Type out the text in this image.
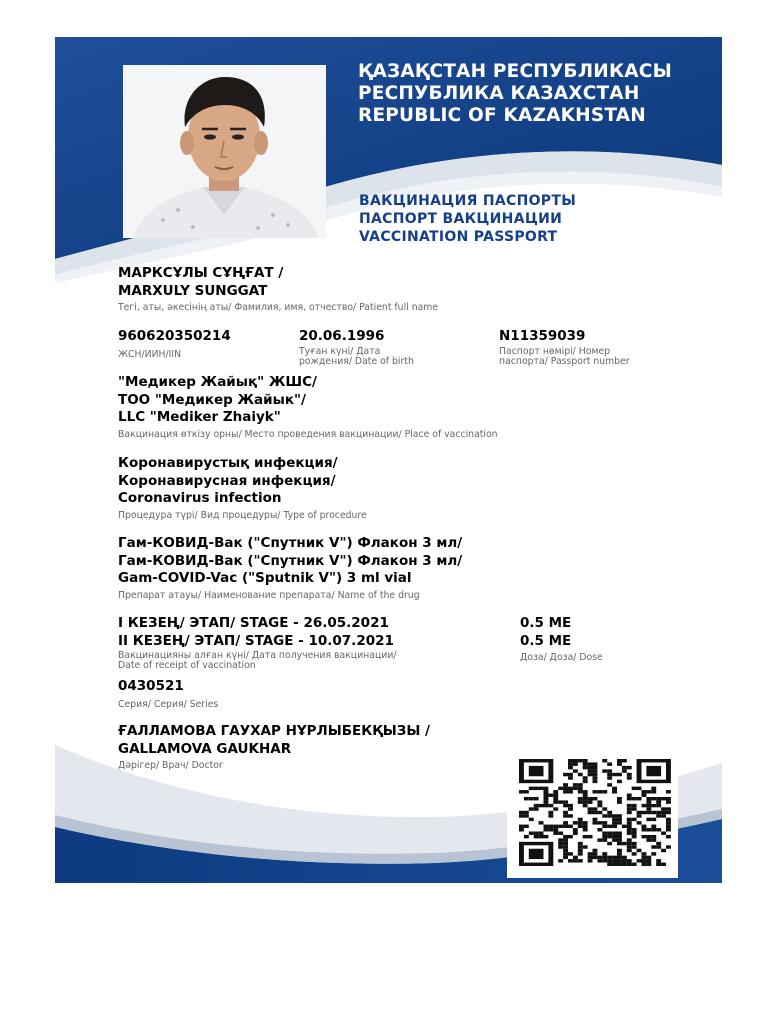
ҚАЗАҚСТАН РЕСПУБЛИКАСЫ
РЕСПУБЛИКА КАЗАХСТАН
REPUBLIC OF KAZAKHSTAN
ВАКЦИНАЦИЯ ПАСПОРТЫ
ПАСПОРТ ВАКЦИНАЦИИ
VACCINATION PASSPORT
МАРКСҰЛЫ СҰҢҒАТ /
MARXULY SUNGGAT
Тегі, аты, әкесінің аты/ Фамилия, имя, отчество/ Patient full name
960620350214
ЖСН/ИИН/IIN
20.06.1996
Туған күні/ Дата
рождения/ Date of birth
N11359039
Паспорт нөмірі/ Номер
паспорта/ Passport number
"Медикер Жайық" ЖШС/
ТОО "Медикер Жайык"/
LLC "Mediker Zhaiyk"
Вакцинация өткізу орны/ Место проведения вакцинации/ Place of vaccination
Коронавирустық инфекция/
Коронавирусная инфекция/
Coronavirus infection
Процедура түрі/ Вид процедуры/ Type of procedure
Гам-КОВИД-Вак ("Спутник V") Флакон 3 мл/
Гам-КОВИД-Вак ("Спутник V") Флакон 3 мл/
Gam-COVID-Vac ("Sputnik V") 3 ml vial
Препарат атауы/ Наименование препарата/ Name of the drug
I КЕЗЕҢ/ ЭТАП/ STAGE - 26.05.2021
II КЕЗЕҢ/ ЭТАП/ STAGE - 10.07.2021
Вакцинацияны алған күні/ Дата получения вакцинации/
Date of receipt of vaccination
0.5 МЕ
0.5 МЕ
Доза/ Доза/ Dose
0430521
Серия/ Серия/ Series
ҒАЛЛАМОВА ГАУХАР НҰРЛЫБЕКҚЫЗЫ /
GALLAMOVA GAUKHAR
Дәрігер/ Врач/ Doctor
